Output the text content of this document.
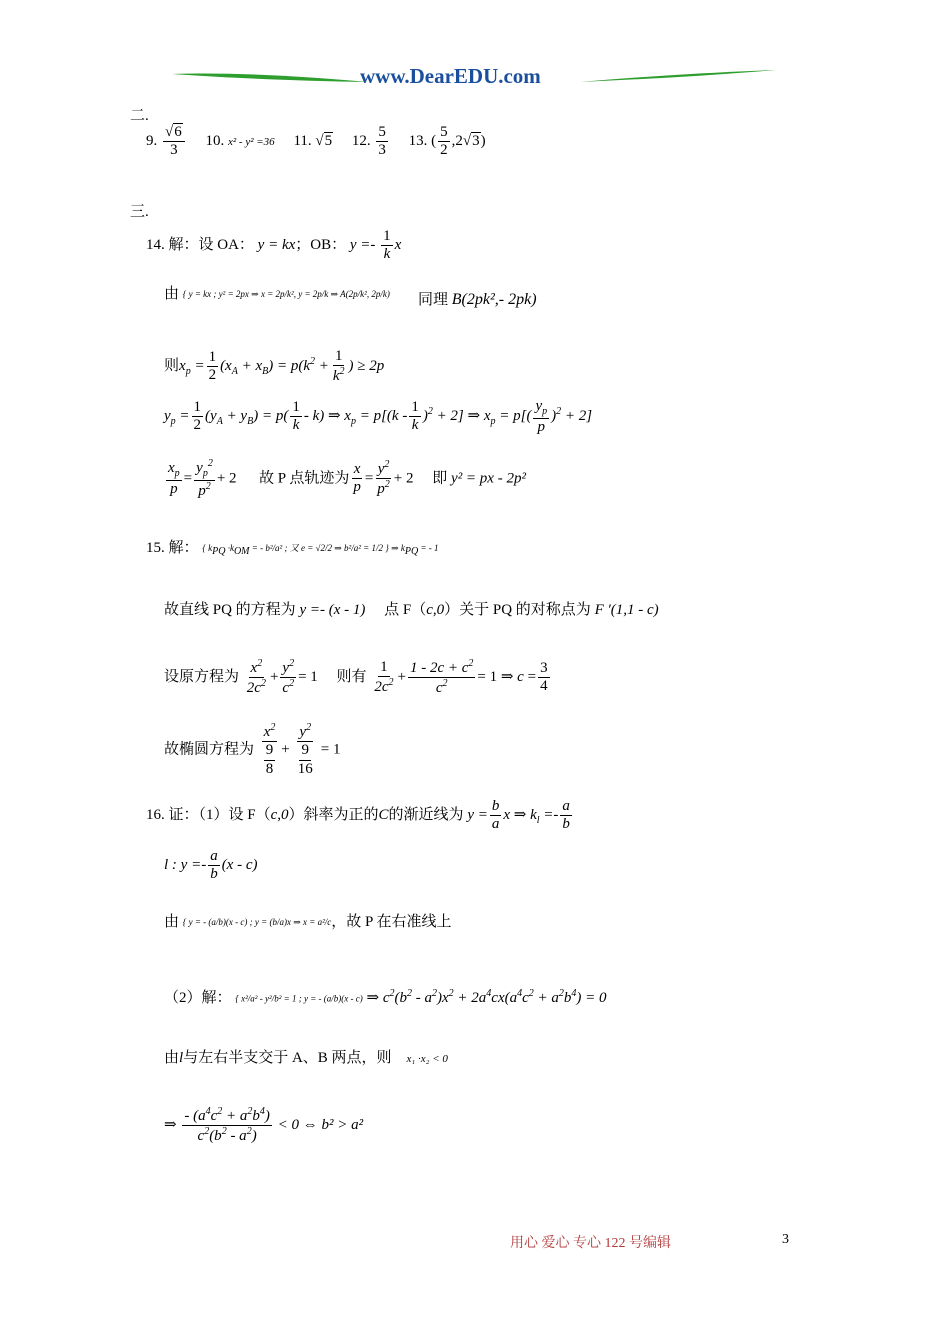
www.DearEDU.com
二.
9. $\frac{√6}{3} 10$. x² - y² =36 11. √5 12. $\frac{5}{3} 13$. ( $\frac{5}{2} ,2√3$)
三.
14. 解：设 OA： y = kx；OB： $y =- \frac{1}{k}$ x
由 { y = kx ; y² = 2px ⇒ x = 2p/k², y = 2p/k ⇒ A(2p/k², 2p/k) 同理 B(2pk²,- 2pk)
则$x_p = \frac{1}{2} (x_A + x_B) = p(k^2 + \frac{1}{k^2}$ ) ≥ 2p
$y_p = \frac{1}{2} (y_A + y_B) = p( \frac{1}{k} - k)$ ⇒ $x_p = p[(k - \frac{1}{k} )^2 + 2]$ ⇒ $x_p = p[( \frac{y_p}{p} )^2 + 2]$
$\frac{x_p}{p} = \frac{y_p^2}{p^2} + 2$      故 P 点轨迹为 $\frac{x}{p} = \frac{y^2}{p^2} + 2$     即 y² = px - 2p²
15. 解： { $k_{PQ} \cdot k_{OM}$ = - b²/a² ; 又 e = √2/2 ⇒ b²/a² = 1/2 } ⇒ $k_{PQ}$ = - 1
故直线 PQ 的方程为 y =- (x - 1) 点 F（c,0）关于 PQ 的对称点为 F ′(1,1 - c)
设原方程为 $\frac{x^2}{2c^2} + \frac{y^2}{c^2} = 1$     则有 $\frac{1}{2c^2} + \frac{1 - 2c + c^2}{c^2} = 1$ ⇒ $c = \frac{3}{4}$
故椭圆方程为 $\frac{x^2}{\frac{9}{8}} + \frac{y^2}{\frac{9}{16}} = 1$
16. 证：（1）设 F（c,0）斜率为正的C的渐近线为 $y = \frac{b}{a}$ x ⇒ $k_l =- \frac{a}{b}$
l : $y =- \frac{a}{b} (x - c)$
由 { y = - (a/b)(x - c) ; y = (b/a)x ⇒ x = a²/c，故 P 在右准线上
（2）解： { x²/a² - y²/b² = 1 ; y = - (a/b)(x - c) ⇒ $c^2(b^2 - a^2)x^2 + 2a^4cx(a^4c^2 + a^2b^4) = 0$
由l与左右半支交于 A、B 两点，则 x₁ ·x₂ < 0
⇒ $\frac{- (a^4c^2 + a^2b^4)}{c^2(b^2 - a^2)} < 0$ ⇔ b² > a²
用心 爱心 专心 122 号编辑	3
